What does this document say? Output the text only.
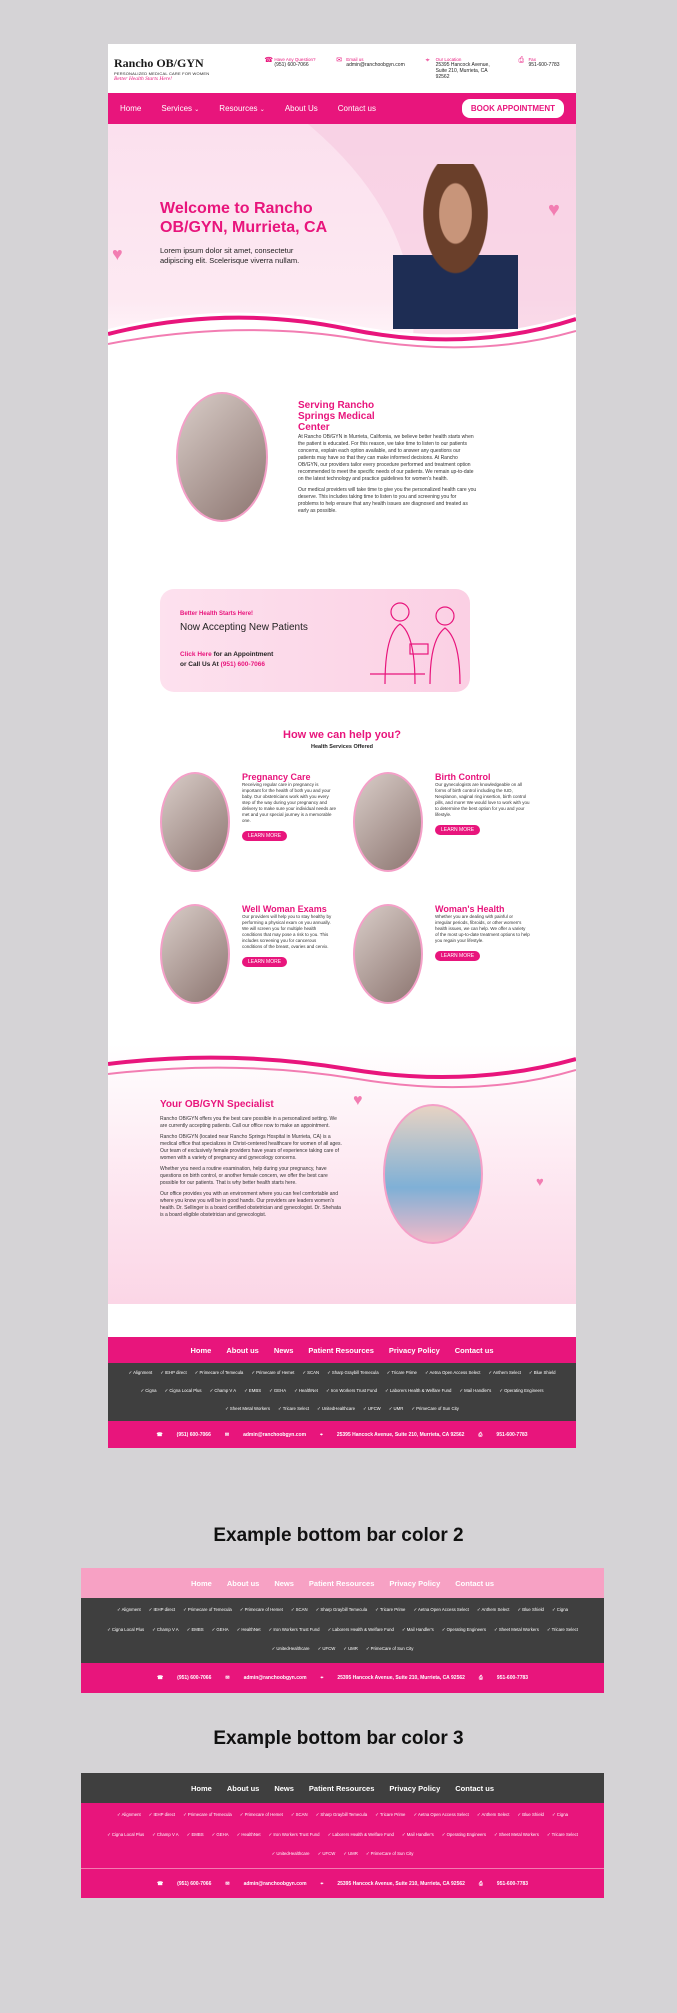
Rancho OB/GYN
PERSONALIZED MEDICAL CARE FOR WOMEN
Better Health Starts Here!
☎ Have Any Question?
(951) 600-7066
✉ Email us
admin@ranchoobgyn.com
⌖	Our Location
25395 Hancock Avenue, Suite 210, Murrieta, CA 92562
⎙ Fax
951-600-7783
Home	Services ⌄	Resources ⌄	About Us	Contact us	BOOK APPOINTMENT
♥
♥
Welcome to Rancho OB/GYN, Murrieta, CA

Lorem ipsum dolor sit amet, consectetur adipiscing elit. Scelerisque viverra nullam.

Serving Rancho Springs Medical Center

At Rancho OB/GYN in Murrieta, California, we believe better health starts when the patient is educated. For this reason, we take time to listen to our patients concerns, explain each option available, and to answer any questions our patients may have so that they can make informed decisions. At Rancho OB/GYN, our providers tailor every procedure performed and treatment option recommended to meet the specific needs of our patients. We remain up-to-date on the latest technology and practice guidelines for women's health.

Our medical providers will take time to give you the personalized health care you deserve. This includes taking time to listen to you and screening you for problems to help ensure that any health issues are diagnosed and treated as early as possible.

Better Health Starts Here!
Now Accepting New Patients
Click Here for an Appointment
or Call Us At (951) 600-7066
How we can help you?
Health Services Offered
Pregnancy Care

Receiving regular care in pregnancy is important for the health of both you and your baby. Our obstetricians work with you every step of the way during your pregnancy and delivery to make sure your individual needs are met and your special journey is a memorable one.

LEARN MORE
Birth Control

Our gynecologists are knowledgeable on all forms of birth control including the IUD, Nexplanon, vaginal ring insertion, birth control pills, and more! We would love to work with you to determine the best option for you and your lifestyle.

LEARN MORE
Well Woman Exams

Our providers will help you to stay healthy by performing a physical exam on you annually. We will screen you for multiple health conditions that may pose a risk to you. This includes screening you for cancerous conditions of the breast, ovaries and cervix.

LEARN MORE
Woman's Health

Whether you are dealing with painful or irregular periods, fibroids, or other women's health issues, we can help. We offer a variety of the most up-to-date treatment options to help you regain your lifestyle.

LEARN MORE
♥
♥
Your OB/GYN Specialist

Rancho OB/GYN offers you the best care possible in a personalized setting. We are currently accepting patients. Call our office now to make an appointment.

Rancho OB/GYN (located near Rancho Springs Hospital in Murrieta, CA) is a medical office that specializes in Christ-centered healthcare for women of all ages. Our team of exclusively female providers have years of experience taking care of women with a variety of pregnancy and gynecology concerns.

Whether you need a routine examination, help during your pregnancy, have questions on birth control, or another female concern, we offer the best care possible for our patients. That is why better health starts here.

Our office provides you with an environment where you can feel comfortable and where you know you will be in good hands. Our providers are leaders women's health. Dr. Sellinger is a board certified obstetrician and gynecologist. Dr. Shehata is a board eligible obstetrician and gynecologist.

Home About us News Patient Resources Privacy Policy Contact us
✓ Alignment	✓ IEHP direct	✓ Primecare of Temecula	✓ Primecare of Hemet	✓ SCAN	✓ Sharp Graybill Temecula	✓ Tricare Prime	✓ Aetna Open Access Select	✓ Anthem Select	✓ Blue Shield
✓ Cigna	✓ Cigna Local Plus	✓ Champ V A	✓ EMBS	✓ GEHA	✓ HealthNet	✓ Iron Workers Trust Fund	✓ Laborers Health & Welfare Fund	✓ Mail Handler's	✓ Operating Engineers
✓ Sheet Metal Workers	✓ Tricare Select	✓ UnitedHealthcare	✓ UFCW	✓ UMR	✓ PrimeCare of Sun City
☎	(951) 600-7066	✉	admin@ranchoobgyn.com	⌖	25395 Hancock Avenue, Suite 210, Murrieta, CA 92562	⎙	951-600-7783
Example bottom bar color 2
Home About us News Patient Resources Privacy Policy Contact us
✓ Alignment	✓ IEHP direct	✓ Primecare of Temecula	✓ Primecare of Hemet	✓ SCAN	✓ Sharp Graybill Temecula	✓ Tricare Prime	✓ Aetna Open Access Select	✓ Anthem Select	✓ Blue Shield	✓ Cigna
✓ Cigna Local Plus	✓ Champ V A	✓ EMBS	✓ GEHA	✓ HealthNet	✓ Iron Workers Trust Fund	✓ Laborers Health & Welfare Fund	✓ Mail Handler's	✓ Operating Engineers	✓ Sheet Metal Workers	✓ Tricare Select
✓ UnitedHealthcare	✓ UFCW	✓ UMR	✓ PrimeCare of Sun City
☎	(951) 600-7066	✉	admin@ranchoobgyn.com	⌖	25395 Hancock Avenue, Suite 210, Murrieta, CA 92562	⎙	951-600-7783
Example bottom bar color 3
Home About us News Patient Resources Privacy Policy Contact us
✓ Alignment	✓ IEHP direct	✓ Primecare of Temecula	✓ Primecare of Hemet	✓ SCAN	✓ Sharp Graybill Temecula	✓ Tricare Prime	✓ Aetna Open Access Select	✓ Anthem Select	✓ Blue Shield	✓ Cigna
✓ Cigna Local Plus	✓ Champ V A	✓ EMBS	✓ GEHA	✓ HealthNet	✓ Iron Workers Trust Fund	✓ Laborers Health & Welfare Fund	✓ Mail Handler's	✓ Operating Engineers	✓ Sheet Metal Workers	✓ Tricare Select
✓ UnitedHealthcare	✓ UFCW	✓ UMR	✓ PrimeCare of Sun City
☎	(951) 600-7066	✉	admin@ranchoobgyn.com	⌖	25395 Hancock Avenue, Suite 210, Murrieta, CA 92562	⎙	951-600-7783
